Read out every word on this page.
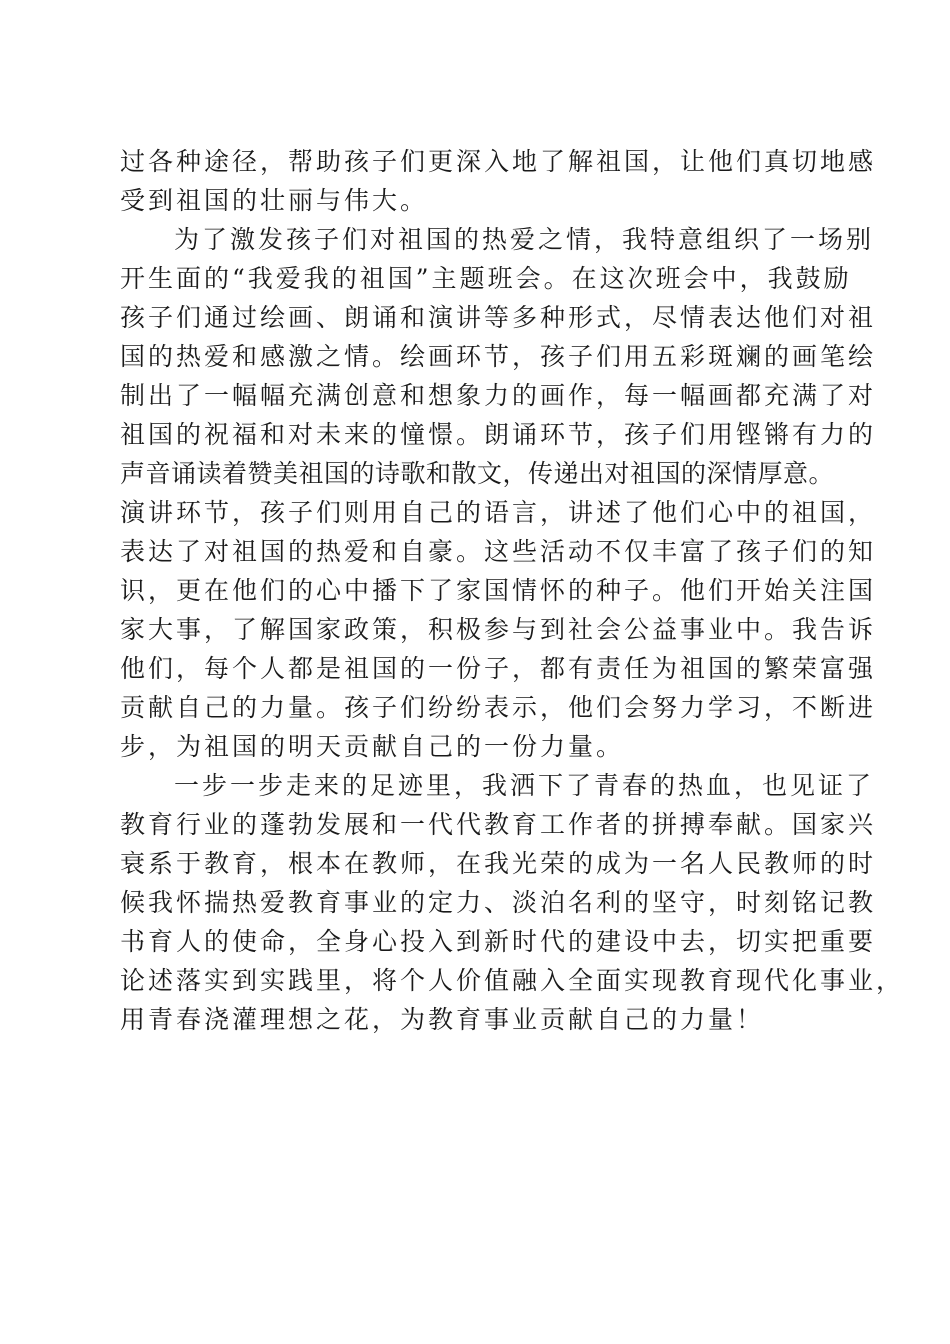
过各种途径，帮助孩子们更深入地了解祖国，让他们真切地感
受到祖国的壮丽与伟大。
为了激发孩子们对祖国的热爱之情，我特意组织了一场别
开生面的“我爱我的祖国”主题班会。在这次班会中，我鼓励
孩子们通过绘画、朗诵和演讲等多种形式，尽情表达他们对祖
国的热爱和感激之情。绘画环节，孩子们用五彩斑斓的画笔绘
制出了一幅幅充满创意和想象力的画作，每一幅画都充满了对
祖国的祝福和对未来的憧憬。朗诵环节，孩子们用铿锵有力的
声音诵读着赞美祖国的诗歌和散文，传递出对祖国的深情厚意。
演讲环节，孩子们则用自己的语言，讲述了他们心中的祖国，
表达了对祖国的热爱和自豪。这些活动不仅丰富了孩子们的知
识，更在他们的心中播下了家国情怀的种子。他们开始关注国
家大事，了解国家政策，积极参与到社会公益事业中。我告诉
他们，每个人都是祖国的一份子，都有责任为祖国的繁荣富强
贡献自己的力量。孩子们纷纷表示，他们会努力学习，不断进
步，为祖国的明天贡献自己的一份力量。
一步一步走来的足迹里，我洒下了青春的热血，也见证了
教育行业的蓬勃发展和一代代教育工作者的拼搏奉献。国家兴
衰系于教育，根本在教师，在我光荣的成为一名人民教师的时
候我怀揣热爱教育事业的定力、淡泊名利的坚守，时刻铭记教
书育人的使命，全身心投入到新时代的建设中去，切实把重要
论述落实到实践里，将个人价值融入全面实现教育现代化事业，
用青春浇灌理想之花，为教育事业贡献自己的力量！
